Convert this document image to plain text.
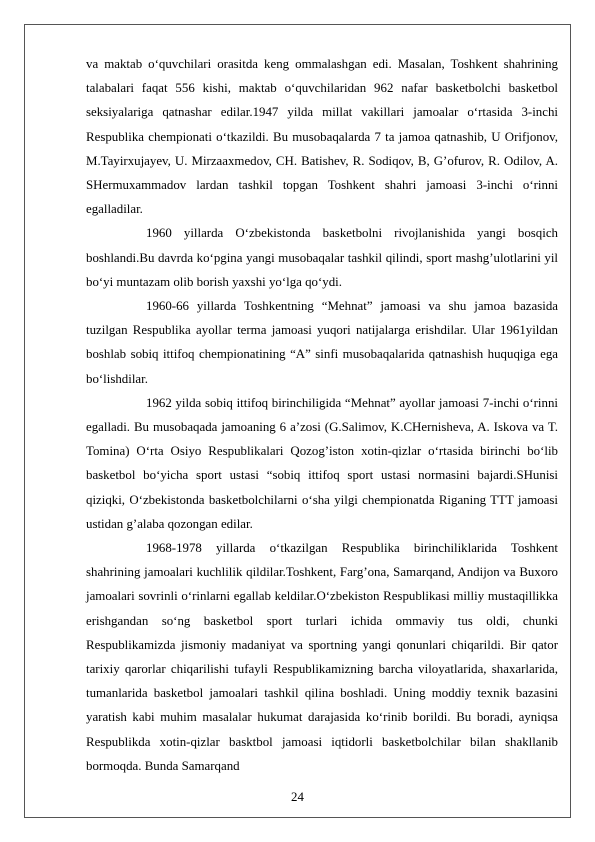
va maktab o‘quvchilari orasitda keng ommalashgan edi. Masalan, Toshkent shahrining talabalari faqat 556 kishi, maktab o‘quvchilaridan 962 nafar basketbolchi basketbol seksiyalariga qatnashar edilar.1947 yilda millat vakillari jamoalar o‘rtasida 3-inchi Respublika chempionati o‘tkazildi. Bu musobaqalarda 7 ta jamoa qatnashib, U Orifjonov, M.Tayirxujayev, U. Mirzaaxmedov, CH. Batishev, R. Sodiqov, B, G’ofurov, R. Odilov, A. SHermuxammadov lardan tashkil topgan Toshkent shahri jamoasi 3-inchi o‘rinni egalladilar.

1960 yillarda O‘zbekistonda basketbolni rivojlanishida yangi bosqich boshlandi.Bu davrda ko‘pgina yangi musobaqalar tashkil qilindi, sport mashg’ulotlarini yil bo‘yi muntazam olib borish yaxshi yo‘lga qo‘ydi.

1960-66 yillarda Toshkentning “Mehnat” jamoasi va shu jamoa bazasida tuzilgan Respublika ayollar terma jamoasi yuqori natijalarga erishdilar. Ular 1961yildan boshlab sobiq ittifoq chempionatining “A” sinfi musobaqalarida qatnashish huquqiga ega bo‘lishdilar.

1962 yilda sobiq ittifoq birinchiligida “Mehnat” ayollar jamoasi 7-inchi o‘rinni egalladi. Bu musobaqada jamoaning 6 a’zosi (G.Salimov, K.CHernisheva, A. Iskova va T. Tomina) O‘rta Osiyo Respublikalari Qozog’iston xotin-qizlar o‘rtasida birinchi bo‘lib basketbol bo‘yicha sport ustasi “sobiq ittifoq sport ustasi normasini bajardi.SHunisi qiziqki, O‘zbekistonda basketbolchilarni o‘sha yilgi chempionatda Riganing TTT jamoasi ustidan g’alaba qozongan edilar.

1968-1978 yillarda o‘tkazilgan Respublika birinchiliklarida Toshkent shahrining jamoalari kuchlilik qildilar.Toshkent, Farg’ona, Samarqand, Andijon va Buxoro jamoalari sovrinli o‘rinlarni egallab keldilar.O‘zbekiston Respublikasi milliy mustaqillikka erishgandan so‘ng basketbol sport turlari ichida ommaviy tus oldi, chunki Respublikamizda jismoniy madaniyat va sportning yangi qonunlari chiqarildi. Bir qator tarixiy qarorlar chiqarilishi tufayli Respublikamizning barcha viloyatlarida, shaxarlarida, tumanlarida basketbol jamoalari tashkil qilina boshladi. Uning moddiy texnik bazasini yaratish kabi muhim masalalar hukumat darajasida ko‘rinib borildi. Bu boradi, ayniqsa Respublikda xotin-qizlar basktbol jamoasi iqtidorli basketbolchilar bilan shakllanib bormoqda. Bunda Samarqand

24
